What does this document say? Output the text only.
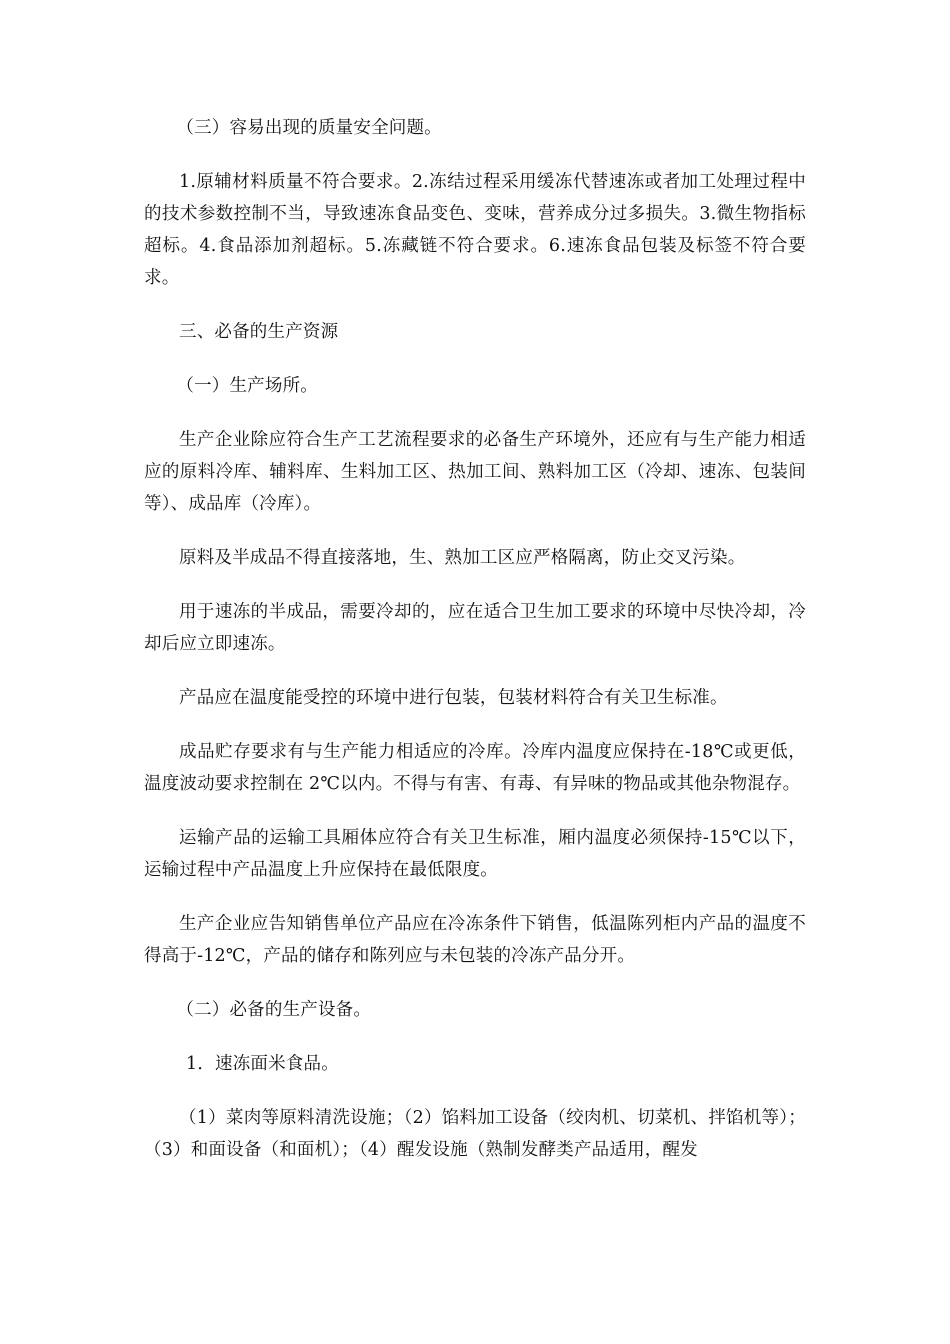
（三）容易出现的质量安全问题。

1.原辅材料质量不符合要求。2.冻结过程采用缓冻代替速冻或者加工处理过程中的技术参数控制不当，导致速冻食品变色、变味，营养成分过多损失。3.微生物指标超标。4.食品添加剂超标。5.冻藏链不符合要求。6.速冻食品包装及标签不符合要求。

三、必备的生产资源

（一）生产场所。

生产企业除应符合生产工艺流程要求的必备生产环境外，还应有与生产能力相适应的原料冷库、辅料库、生料加工区、热加工间、熟料加工区（冷却、速冻、包装间等）、成品库（冷库）。

原料及半成品不得直接落地，生、熟加工区应严格隔离，防止交叉污染。

用于速冻的半成品，需要冷却的，应在适合卫生加工要求的环境中尽快冷却，冷却后应立即速冻。

产品应在温度能受控的环境中进行包装，包装材料符合有关卫生标准。

成品贮存要求有与生产能力相适应的冷库。冷库内温度应保持在-18℃或更低，温度波动要求控制在 2℃以内。不得与有害、有毒、有异味的物品或其他杂物混存。

运输产品的运输工具厢体应符合有关卫生标准，厢内温度必须保持-15℃以下，运输过程中产品温度上升应保持在最低限度。

生产企业应告知销售单位产品应在冷冻条件下销售，低温陈列柜内产品的温度不得高于-12℃，产品的储存和陈列应与未包装的冷冻产品分开。

（二）必备的生产设备。

1．速冻面米食品。

（1）菜肉等原料清洗设施；（2）馅料加工设备（绞肉机、切菜机、拌馅机等）；（3）和面设备（和面机）；（4）醒发设施（熟制发酵类产品适用，醒发
